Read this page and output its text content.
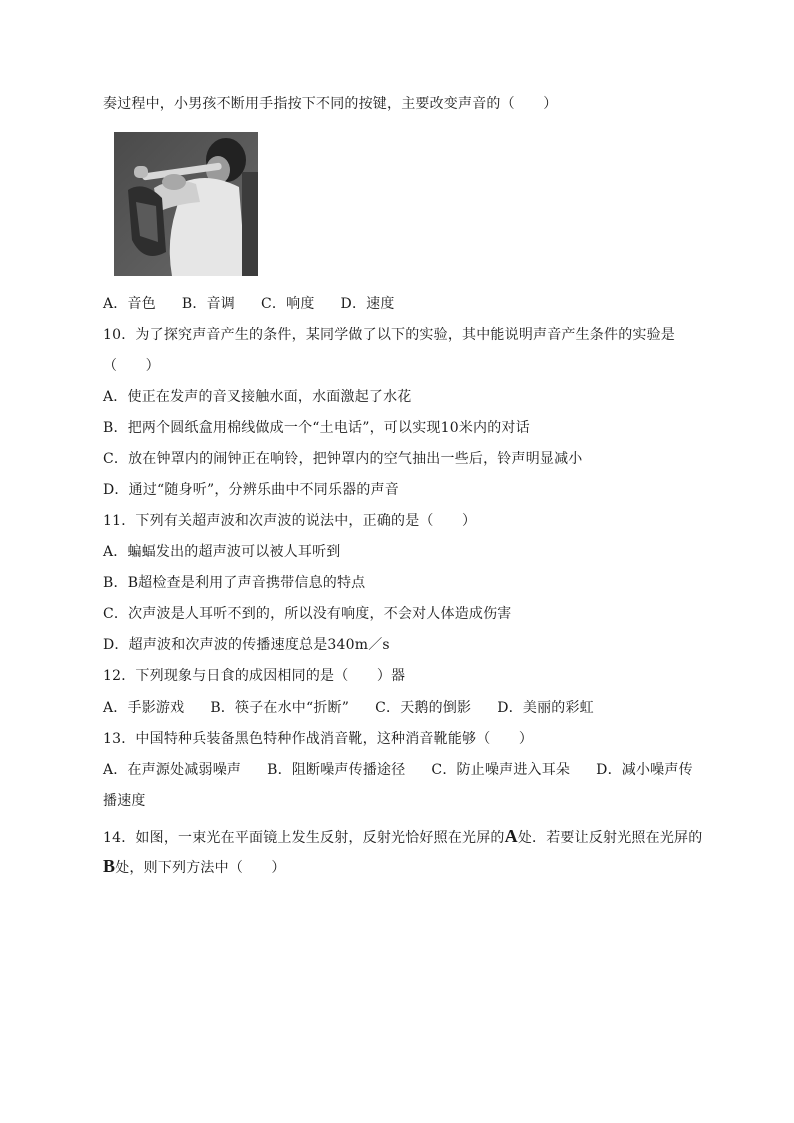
奏过程中，小男孩不断用手指按下不同的按键，主要改变声音的（　　）
A．音色 B．音调 C．响度 D．速度
10．为了探究声音产生的条件，某同学做了以下的实验，其中能说明声音产生条件的实验是
（　　）
A．使正在发声的音叉接触水面，水面激起了水花
B．把两个圆纸盒用棉线做成一个“土电话”，可以实现10米内的对话
C．放在钟罩内的闹钟正在响铃，把钟罩内的空气抽出一些后，铃声明显减小
D．通过“随身听”，分辨乐曲中不同乐器的声音
11．下列有关超声波和次声波的说法中，正确的是（　　）
A．蝙蝠发出的超声波可以被人耳听到
B．B超检查是利用了声音携带信息的特点
C．次声波是人耳听不到的，所以没有响度，不会对人体造成伤害
D．超声波和次声波的传播速度总是340m／s
12．下列现象与日食的成因相同的是（　　）器
A．手影游戏 B．筷子在水中“折断” C．天鹅的倒影 D．美丽的彩虹
13．中国特种兵装备黑色特种作战消音靴，这种消音靴能够（　　）
A．在声源处减弱噪声 B．阻断噪声传播途径 C．防止噪声进入耳朵 D．减小噪声传
播速度
14．如图，一束光在平面镜上发生反射，反射光恰好照在光屏的A处．若要让反射光照在光屏的
B处，则下列方法中（　　）
